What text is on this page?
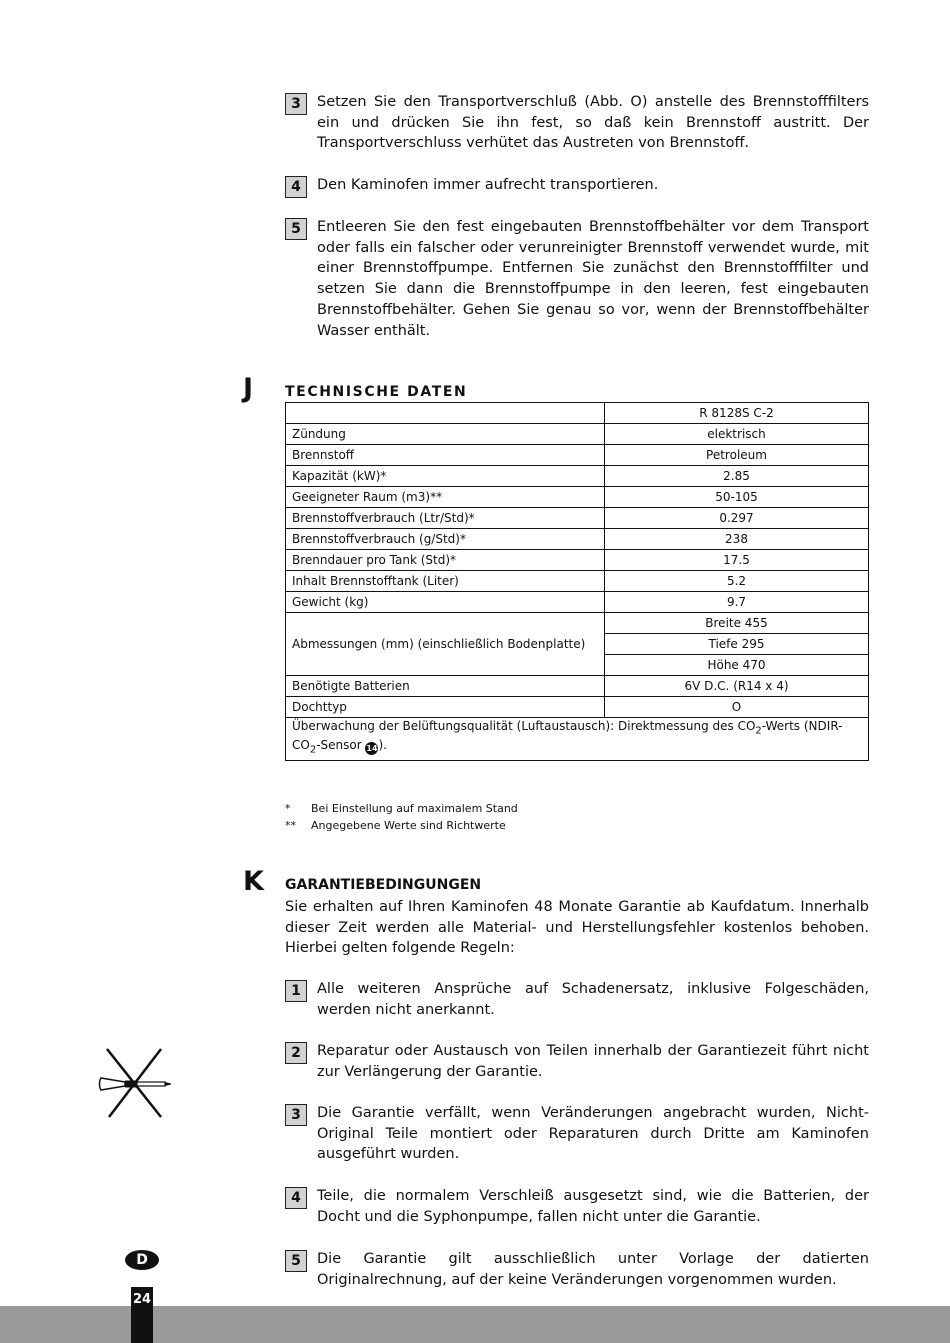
3	Setzen Sie den Transportverschluß (Abb. O) anstelle des Brennstofffilters ein und drücken Sie ihn fest, so daß kein Brennstoff austritt. Der Transportverschluss verhütet das Austreten von Brennstoff.
4	Den Kaminofen immer aufrecht transportieren.
5	Entleeren Sie den fest eingebauten Brennstoffbehälter vor dem Transport oder falls ein falscher oder verunreinigter Brennstoff verwendet wurde, mit einer Brennstoffpumpe. Entfernen Sie zunächst den Brennstofffilter und setzen Sie dann die Brennstoffpumpe in den leeren, fest eingebauten Brennstoffbehälter. Gehen Sie genau so vor, wenn der Brennstoffbehälter Wasser enthält.
J TECHNISCHE DATEN
	R 8128S C-2
Zündung	elektrisch
Brennstoff	Petroleum
Kapazität (kW)*	2.85
Geeigneter Raum (m3)**	50-105
Brennstoffverbrauch (Ltr/Std)*	0.297
Brennstoffverbrauch (g/Std)*	238
Brenndauer pro Tank (Std)*	17.5
Inhalt Brennstofftank (Liter)	5.2
Gewicht (kg)	9.7
Abmessungen (mm) (einschließlich Bodenplatte)	Breite 455
	Tiefe 295
	Höhe 470
Benötigte Batterien	6V D.C. (R14 x 4)
Dochttyp	O
Überwachung der Belüftungsqualität (Luftaustausch): Direktmessung des $CO_2$-Werts ($NDIR-CO_2$-Sensor 14).	
*	Bei Einstellung auf maximalem Stand
**	Angegebene Werte sind Richtwerte
K GARANTIEBEDINGUNGEN
Sie erhalten auf Ihren Kaminofen 48 Monate Garantie ab Kaufdatum. Innerhalb dieser Zeit werden alle Material- und Herstellungsfehler kostenlos behoben. Hierbei gelten folgende Regeln:
1	Alle weiteren Ansprüche auf Schadenersatz, inklusive Folgeschäden, werden nicht anerkannt.
2	Reparatur oder Austausch von Teilen innerhalb der Garantiezeit führt nicht zur Verlängerung der Garantie.
3	Die Garantie verfällt, wenn Veränderungen angebracht wurden, Nicht-Original Teile montiert oder Reparaturen durch Dritte am Kaminofen ausgeführt wurden.
4	Teile, die normalem Verschleiß ausgesetzt sind, wie die Batterien, der Docht und die Syphonpumpe, fallen nicht unter die Garantie.
5	Die Garantie gilt ausschließlich unter Vorlage der datierten Originalrechnung, auf der keine Veränderungen vorgenommen wurden.
D
24
